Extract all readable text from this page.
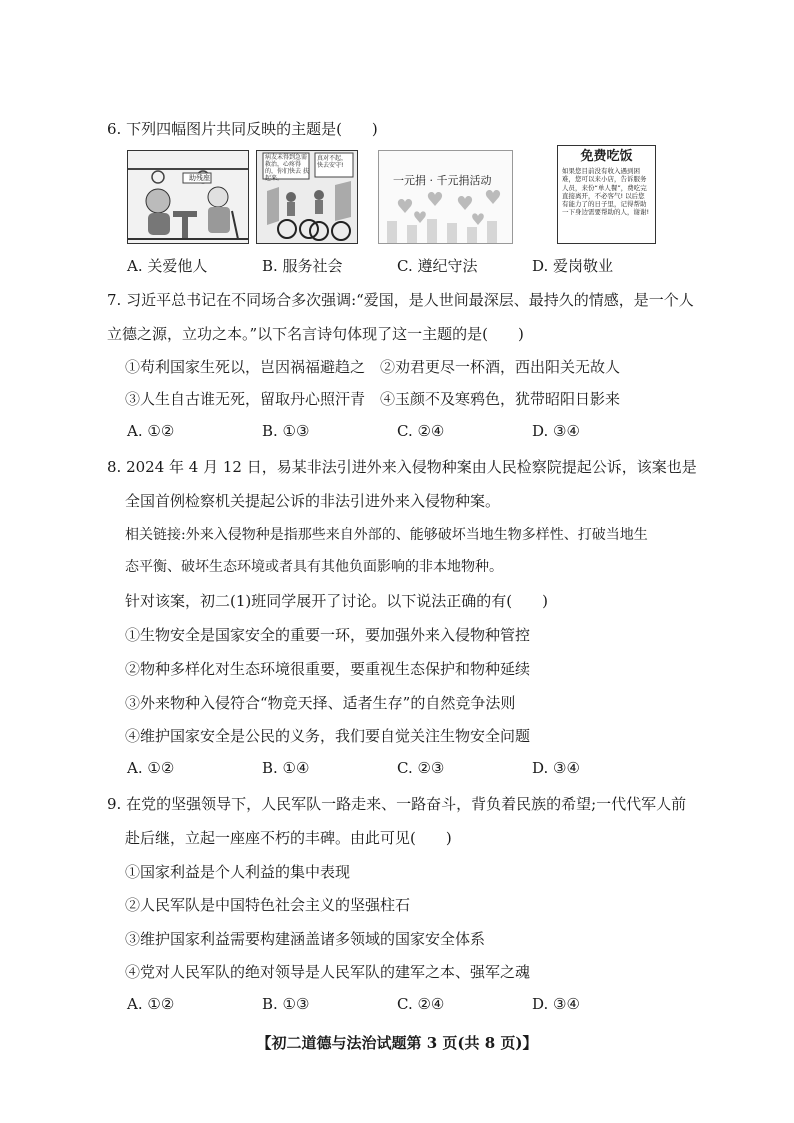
6. 下列四幅图片共同反映的主题是(　　)
助残座
病友未得到急需救治，心疼得 的，你们快去 扶起来。
真对不起，快去安守!
一元捐 · 千元捐活动
免费吃饭
如果您目前没有收入遇到困难，您可以来小店，告诉服务人员，来份“单人餐”，费吃完直接离开，不必客气! 以后您有能力了的日子里，记得帮助一下身边需要帮助的人，谢谢!
A. 关爱他人	B. 服务社会	C. 遵纪守法	D. 爱岗敬业
7. 习近平总书记在不同场合多次强调:“爱国，是人世间最深层、最持久的情感，是一个人
立德之源，立功之本。”以下名言诗句体现了这一主题的是(　　)
①苟利国家生死以，岂因祸福避趋之　②劝君更尽一杯酒，西出阳关无故人
③人生自古谁无死，留取丹心照汗青　④玉颜不及寒鸦色，犹带昭阳日影来
A. ①②	B. ①③	C. ②④	D. ③④
8. 2024 年 4 月 12 日，易某非法引进外来入侵物种案由人民检察院提起公诉，该案也是
全国首例检察机关提起公诉的非法引进外来入侵物种案。
相关链接:外来入侵物种是指那些来自外部的、能够破坏当地生物多样性、打破当地生
态平衡、破坏生态环境或者具有其他负面影响的非本地物种。
针对该案，初二(1)班同学展开了讨论。以下说法正确的有(　　)
①生物安全是国家安全的重要一环，要加强外来入侵物种管控
②物种多样化对生态环境很重要，要重视生态保护和物种延续
③外来物种入侵符合“物竞天择、适者生存”的自然竞争法则
④维护国家安全是公民的义务，我们要自觉关注生物安全问题
A. ①②	B. ①④	C. ②③	D. ③④
9. 在党的坚强领导下，人民军队一路走来、一路奋斗，背负着民族的希望;一代代军人前
赴后继，立起一座座不朽的丰碑。由此可见(　　)
①国家利益是个人利益的集中表现
②人民军队是中国特色社会主义的坚强柱石
③维护国家利益需要构建涵盖诸多领域的国家安全体系
④党对人民军队的绝对领导是人民军队的建军之本、强军之魂
A. ①②	B. ①③	C. ②④	D. ③④
【初二道德与法治试题第 3 页(共 8 页)】
